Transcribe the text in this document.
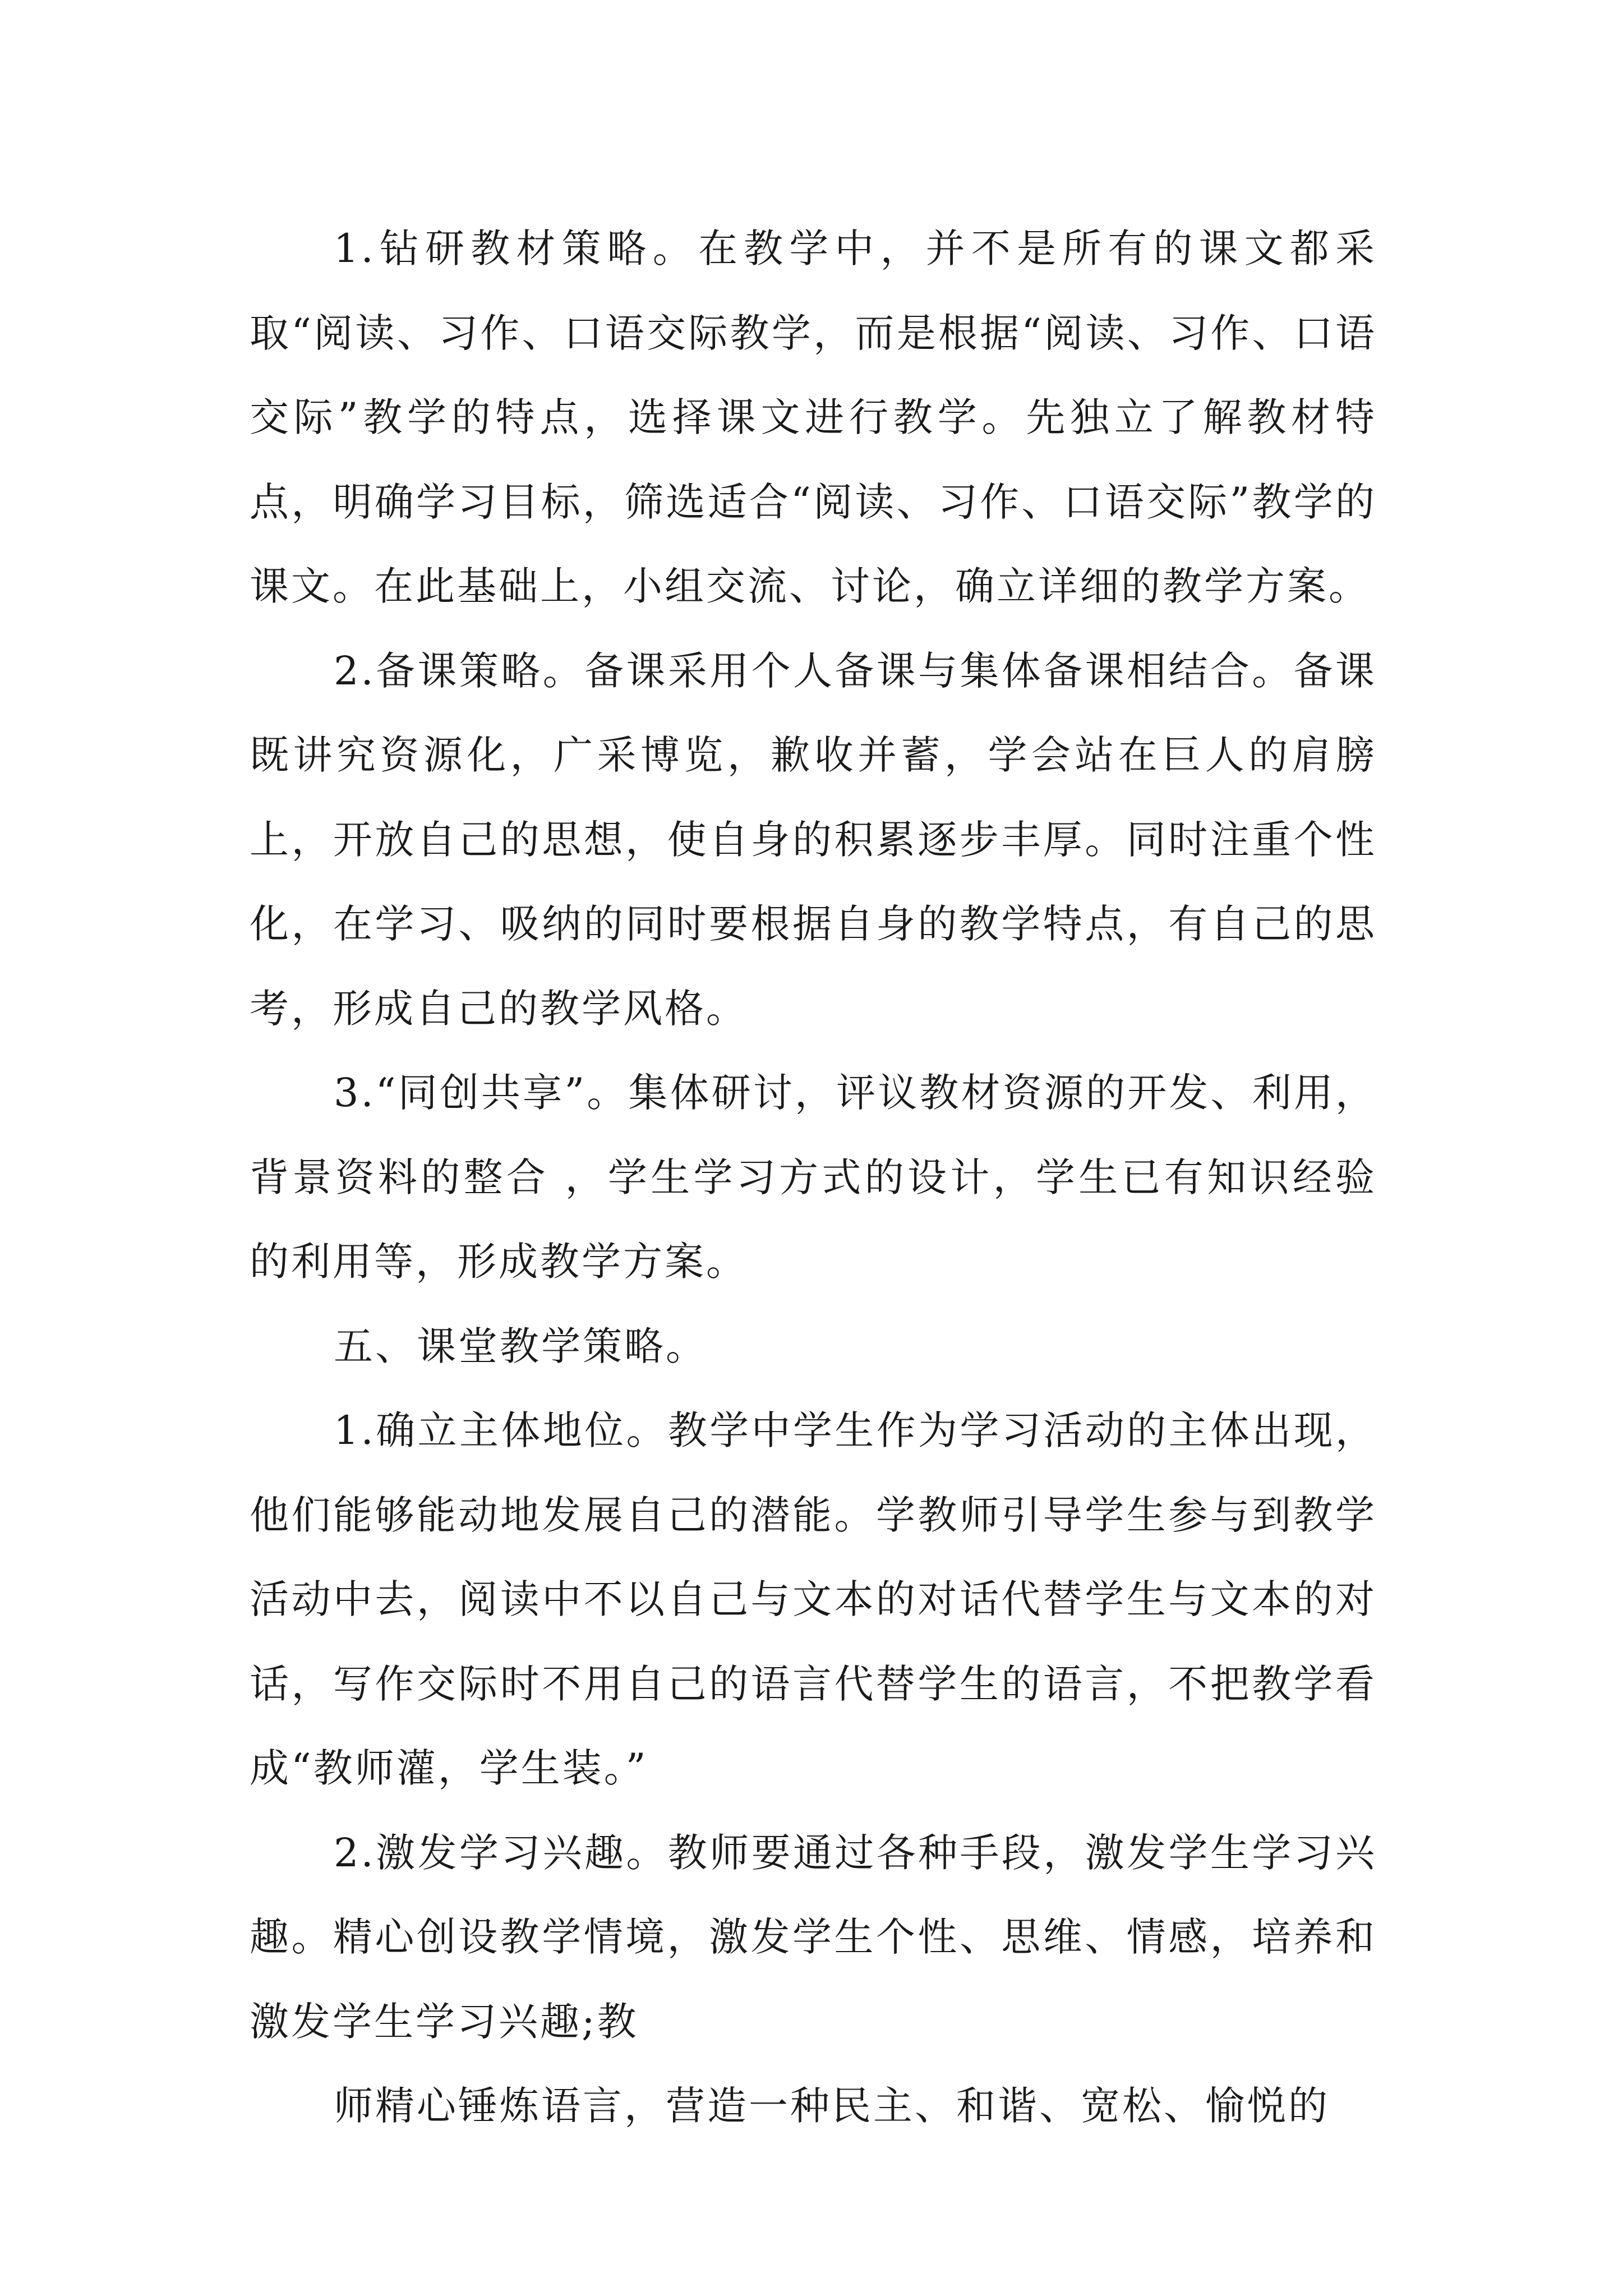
1.钻研教材策略。在教学中，并不是所有的课文都采取“阅读、习作、口语交际教学，而是根据“阅读、习作、口语交际”教学的特点，选择课文进行教学。先独立了解教材特点，明确学习目标，筛选适合“阅读、习作、口语交际”教学的课文。在此基础上，小组交流、讨论，确立详细的教学方案。

2.备课策略。备课采用个人备课与集体备课相结合。备课既讲究资源化，广采博览，歉收并蓄，学会站在巨人的肩膀上，开放自己的思想，使自身的积累逐步丰厚。同时注重个性化，在学习、吸纳的同时要根据自身的教学特点，有自己的思考，形成自己的教学风格。

3.“同创共享”。集体研讨，评议教材资源的开发、利用，背景资料的整合 ，学生学习方式的设计，学生已有知识经验的利用等，形成教学方案。

五、课堂教学策略。

1.确立主体地位。教学中学生作为学习活动的主体出现，他们能够能动地发展自己的潜能。学教师引导学生参与到教学活动中去，阅读中不以自己与文本的对话代替学生与文本的对话，写作交际时不用自己的语言代替学生的语言，不把教学看成“教师灌，学生装。”

2.激发学习兴趣。教师要通过各种手段，激发学生学习兴趣。精心创设教学情境，激发学生个性、思维、情感，培养和激发学生学习兴趣;教

师精心锤炼语言，营造一种民主、和谐、宽松、愉悦的
